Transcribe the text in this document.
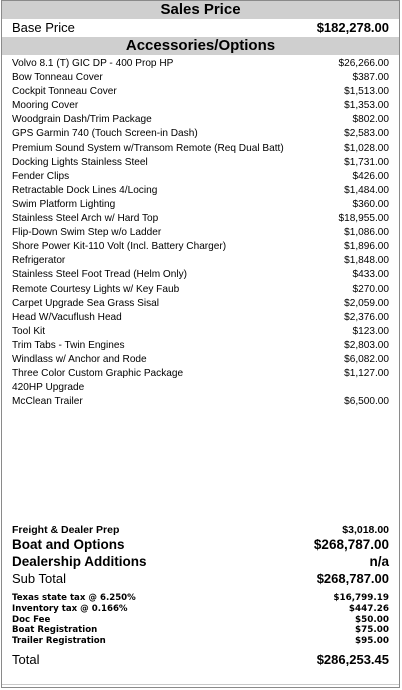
Sales Price
Base Price	$182,278.00
Accessories/Options
Volvo 8.1 (T) GIC DP - 400 Prop HP	$26,266.00
Bow Tonneau Cover	$387.00
Cockpit Tonneau Cover	$1,513.00
Mooring Cover	$1,353.00
Woodgrain Dash/Trim Package	$802.00
GPS Garmin 740 (Touch Screen-in Dash)	$2,583.00
Premium Sound System w/Transom Remote (Req Dual Batt)	$1,028.00
Docking Lights Stainless Steel	$1,731.00
Fender Clips	$426.00
Retractable Dock Lines 4/Locing	$1,484.00
Swim Platform Lighting	$360.00
Stainless Steel Arch w/ Hard Top	$18,955.00
Flip-Down Swim Step w/o Ladder	$1,086.00
Shore Power Kit-110 Volt (Incl. Battery Charger)	$1,896.00
Refrigerator	$1,848.00
Stainless Steel Foot Tread (Helm Only)	$433.00
Remote Courtesy Lights w/ Key Faub	$270.00
Carpet Upgrade Sea Grass Sisal	$2,059.00
Head W/Vacuflush Head	$2,376.00
Tool Kit	$123.00
Trim Tabs - Twin Engines	$2,803.00
Windlass w/ Anchor and Rode	$6,082.00
Three Color Custom Graphic Package	$1,127.00
420HP Upgrade
McClean Trailer	$6,500.00
Freight & Dealer Prep	$3,018.00
Boat and Options	$268,787.00
Dealership Additions	n/a
Sub Total	$268,787.00
Texas state tax @ 6.250%	$16,799.19
Inventory tax @ 0.166%	$447.26
Doc Fee	$50.00
Boat Registration	$75.00
Trailer Registration	$95.00
Total	$286,253.45
